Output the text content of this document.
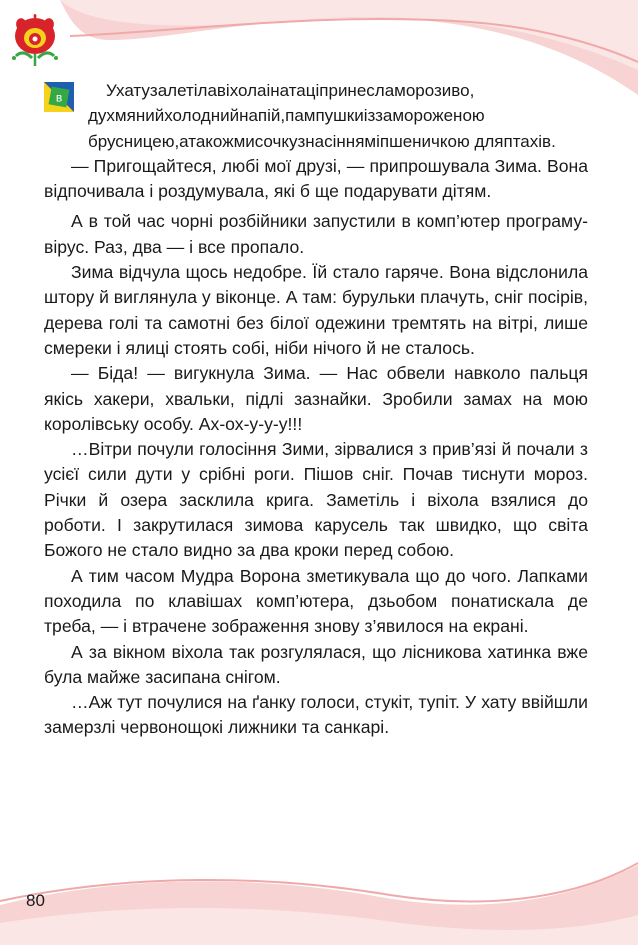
в	Ухатузалетілавіхолаінатаціпринесламорозиво, духмянийхолоднийнапій,пампушкиіззамороженою брусницею,атакожмисочкузнасінняміпшеничкою дляптахів.

— Пригощайтеся, любі мої друзі, — припрошувала Зима. Вона відпочивала і роздумувала, які б ще подарувати дітям.

А в той час чорні розбійники запустили в комп’ютер програму-вірус. Раз, два — і все пропало.

Зима відчула щось недобре. Їй стало гаряче. Вона відслонила штору й виглянула у віконце. А там: бурульки плачуть, сніг посірів, дерева голі та самотні без білої одежини тремтять на вітрі, лише смереки і ялиці стоять собі, ніби нічого й не сталось.

— Біда! — вигукнула Зима. — Нас обвели навколо пальця якісь хакери, хвальки, підлі зазнайки. Зробили замах на мою королівську особу. Ах-ох-у-у-у!!!

…Вітри почули голосіння Зими, зірвалися з прив’язі й почали з усієї сили дути у срібні роги. Пішов сніг. Почав тиснути мороз. Річки й озера засклила крига. Заметіль і віхола взялися до роботи. І закрутилася зимова карусель так швидко, що світа Божого не стало видно за два кроки перед собою.

А тим часом Мудра Ворона зметикувала що до чого. Лапками походила по клавішах комп’ютера, дзьобом понатискала де треба, — і втрачене зображення знову з’явилося на екрані.

А за вікном віхола так розгулялася, що лісникова хатинка вже була майже засипана снігом.

…Аж тут почулися на ґанку голоси, стукіт, тупіт. У хату ввійшли замерзлі червонощокі лижники та санкарі.

80
